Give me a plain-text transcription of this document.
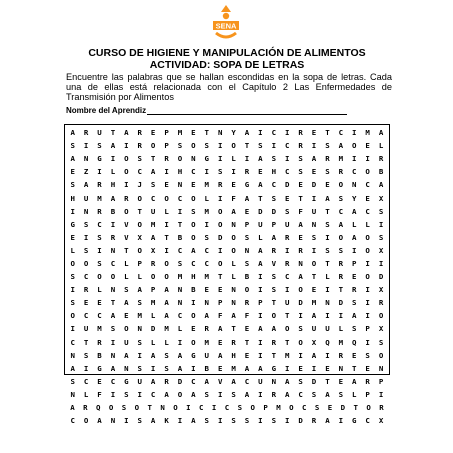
SENA
CURSO DE HIGIENE Y MANIPULACIÓN DE ALIMENTOS
ACTIVIDAD: SOPA DE LETRAS
Encuentre las palabras que se hallan escondidas en la sopa de letras. Cada una de ellas está relacionada con el Capítulo 2 Las Enfermedades de Transmisión por Alimentos
Nombre del Aprendiz
A	R	U	T	A	R	E	P	M	E	T	N	Y	A	I	C	I	R	E	T	C	I	M	A
S	I	S	A	I	R	O	P	S	O	S	I	O	T	S	I	C	R	I	S	A	O	E	L
A	N	G	I	O	S	T	R	O	N	G	I	L	I	A	S	I	S	A	R	M	I	I	R
E	Z	I	L	O	C	A	I	H	C	I	S	I	R	E	H	C	S	E	S	R	C	O	B
S	A	R	H	I	J	S	E	N	E	M	R	E	G	A	C	D	E	D	E	O	N	C	A
H	U	M	A	R	O	C	O	C	O	L	I	F	A	T	S	E	T	I	A	S	Y	E	X
I	N	R	B	O	T	U	L	I	S	M	O	A	E	D	D	S	F	U	T	C	A	C	S
G	S	C	I	V	O	M	I	T	O	I	O	N	P	U	P	U	A	N	S	A	L	L	I
E	I	S	R	V	X	A	T	B	O	S	D	O	S	L	A	R	E	S	I	O	A	O	S
L	S	I	N	T	O	X	I	C	A	C	I	O	N	A	R	I	R	I	S	S	I	O	X
O	O	S	C	L	P	R	O	S	C	C	O	L	S	A	V	R	N	O	T	R	P	I	I
S	C	O	O	L	L	O	O	M	H	M	T	L	B	I	S	C	A	T	L	R	E	O	D
I	R	L	N	S	A	P	A	N	B	E	E	N	O	I	S	I	O	E	I	T	R	I	X
S	E	E	T	A	S	M	A	N	I	N	P	N	R	P	T	U	D	M	N	D	S	I	R
O	C	C	A	E	M	L	A	C	O	A	F	A	F	I	O	T	I	A	I	I	A	I	O
I	U	M	S	O	N	D	M	L	E	R	A	T	E	A	A	O	S	U	U	L	S	P	X
C	T	R	I	U	S	L	L	I	O	M	E	R	T	I	R	T	O	X	Q	M	Q	I	S
N	S	B	N	A	I	A	S	A	G	U	A	H	E	I	T	M	I	A	I	R	E	S	O
A	I	G	A	N	S	I	S	A	I	B	E	M	A	A	G	I	E	I	E	N	T	E	N
S	C	E	C	G	U	A	R	D	C	A	V	A	C	U	N	A	S	D	T	E	A	R	P
N	L	F	I	S	I	C	A	O	A	S	I	S	A	I	R	A	C	S	A	S	L	P	I
A	R	Q	O	S	O	T	N	O	I	C	I	C	S	O	P	M	O	C	S	E	D	T	O	R
C	O	A	N	I	S	A	K	I	A	S	I	S	S	I	S	I	D	R	A	I	G	C	X
